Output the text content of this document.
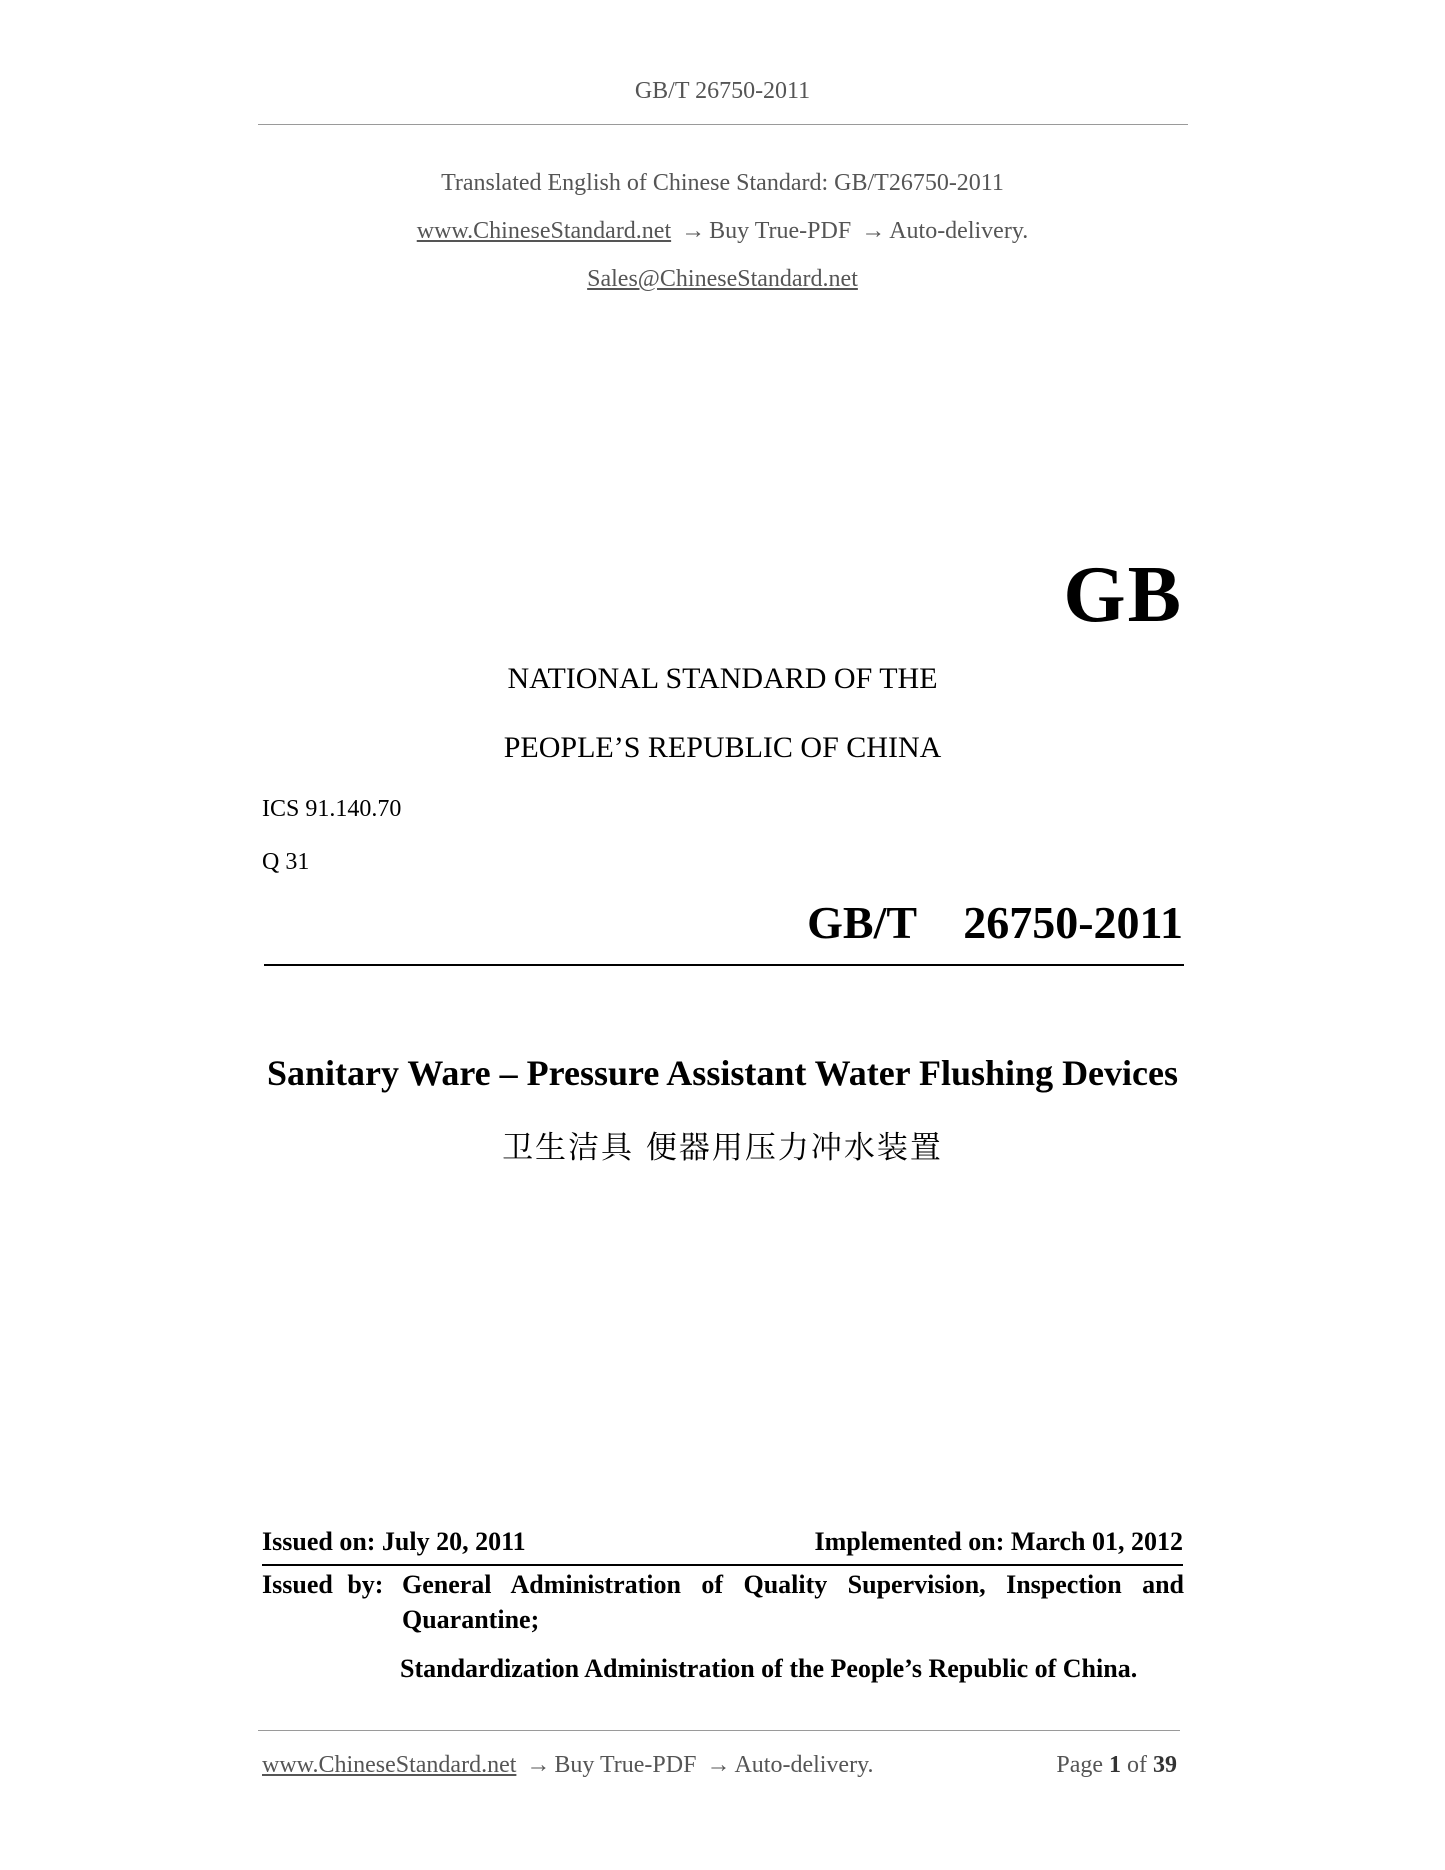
GB/T 26750-2011
Translated English of Chinese Standard: GB/T26750-2011
www.ChineseStandard.net → Buy True-PDF → Auto-delivery.
Sales@ChineseStandard.net
GB
NATIONAL STANDARD OF THE
PEOPLE’S REPUBLIC OF CHINA
ICS 91.140.70
Q 31
GB/T  26750-2011
Sanitary Ware – Pressure Assistant Water Flushing Devices
卫生洁具 便器用压力冲水装置
Issued on: July 20, 2011	Implemented on: March 01, 2012
Issued by: General Administration of Quality Supervision, Inspection and
Quarantine;
Standardization Administration of the People’s Republic of China.
www.ChineseStandard.net → Buy True-PDF → Auto-delivery.	Page 1 of 39
